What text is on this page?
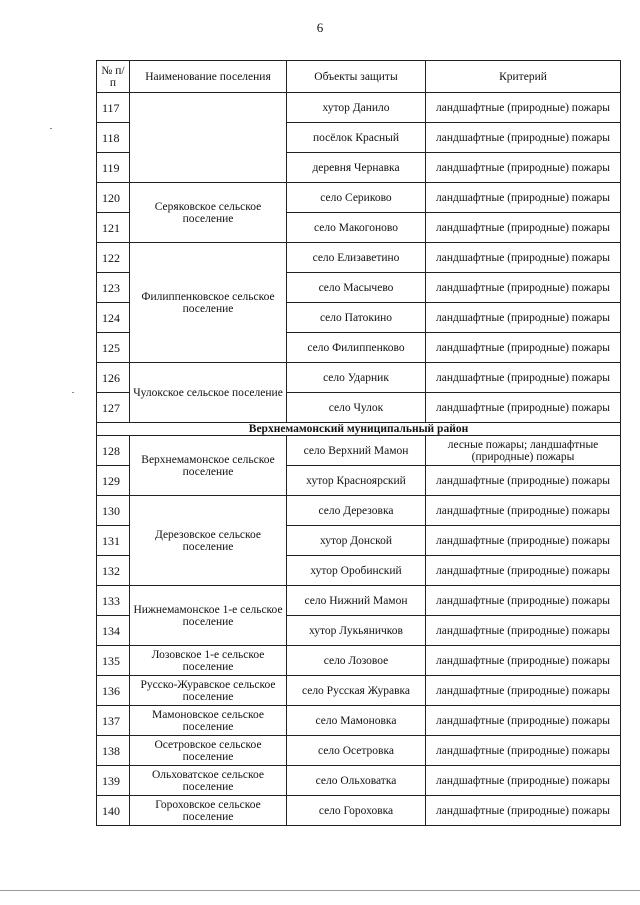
6
№ п/п	Наименование поселения	Объекты защиты	Критерий
117		хутор Данило	ландшафтные (природные) пожары
118		посёлок Красный	ландшафтные (природные) пожары
119		деревня Чернавка	ландшафтные (природные) пожары
120	Серяковское сельское поселение	село Сериково	ландшафтные (природные) пожары
121		село Макогоново	ландшафтные (природные) пожары
122	Филиппенковское сельское поселение	село Елизаветино	ландшафтные (природные) пожары
123		село Масычево	ландшафтные (природные) пожары
124		село Патокино	ландшафтные (природные) пожары
125		село Филиппенково	ландшафтные (природные) пожары
126	Чулокское сельское поселение	село Ударник	ландшафтные (природные) пожары
127		село Чулок	ландшафтные (природные) пожары
Верхнемамонский муниципальный район			
128	Верхнемамонское сельское поселение	село Верхний Мамон	лесные пожары; ландшафтные (природные) пожары
129		хутор Красноярский	ландшафтные (природные) пожары
130	Дерезовское сельское поселение	село Дерезовка	ландшафтные (природные) пожары
131		хутор Донской	ландшафтные (природные) пожары
132		хутор Оробинский	ландшафтные (природные) пожары
133	Нижнемамонское 1-е сельское поселение	село Нижний Мамон	ландшафтные (природные) пожары
134		хутор Лукьяничков	ландшафтные (природные) пожары
135	Лозовское 1-е сельское поселение	село Лозовое	ландшафтные (природные) пожары
136	Русско-Журавское сельское поселение	село Русская Журавка	ландшафтные (природные) пожары
137	Мамоновское сельское поселение	село Мамоновка	ландшафтные (природные) пожары
138	Осетровское сельское поселение	село Осетровка	ландшафтные (природные) пожары
139	Ольховатское сельское поселение	село Ольховатка	ландшафтные (природные) пожары
140	Гороховское сельское поселение	село Гороховка	ландшафтные (природные) пожары
